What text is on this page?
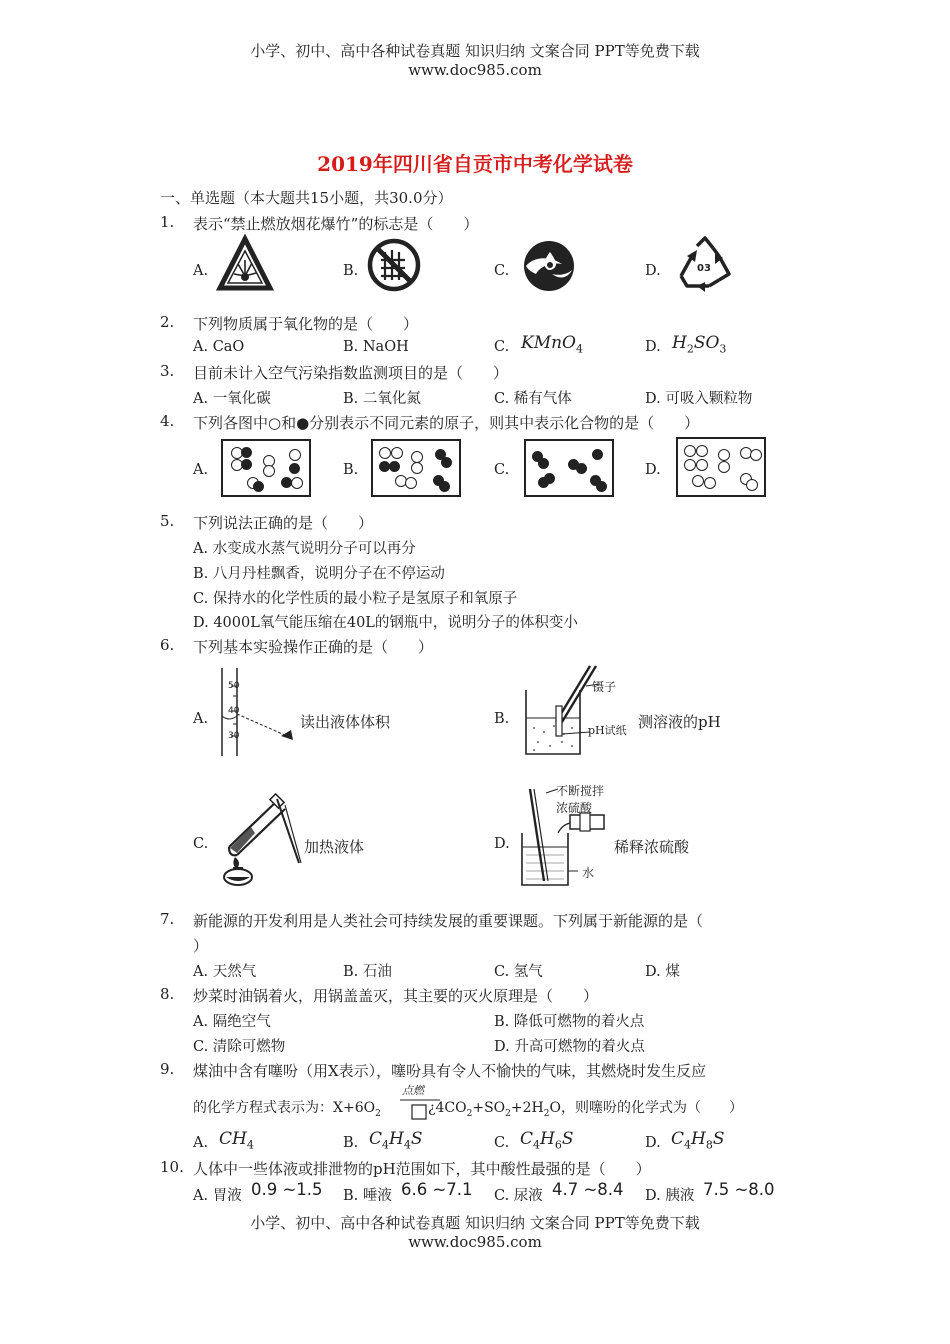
小学、初中、高中各种试卷真题 知识归纳 文案合同 PPT等免费下载
www.doc985.com
2019年四川省自贡市中考化学试卷
一、单选题（本大题共15小题，共30.0分）
1. 表示“禁止燃放烟花爆竹”的标志是（　　）
A.	B.	C.	D.	03
2. 下列物质属于氧化物的是（　　）
A. CaO	B. NaOH	C. KMnO$_4$	D. $H_2SO_3$
3. 目前未计入空气污染指数监测项目的是（　　）
A. 一氧化碳	B. 二氧化氮	C. 稀有气体	D. 可吸入颗粒物
4. 下列各图中○和●分别表示不同元素的原子，则其中表示化合物的是（　　）
A.	B.	C.	D.
5. 下列说法正确的是（　　）
A. 水变成水蒸气说明分子可以再分
B. 八月丹桂飘香，说明分子在不停运动
C. 保持水的化学性质的最小粒子是氢原子和氧原子
D. 4000L氧气能压缩在40L的钢瓶中，说明分子的体积变小
6. 下列基本实验操作正确的是（　　）
A.
50
40
30
读出液体体积	B.
镊子
pH试纸 测溶液的pH
C.	加热液体	D.
不断搅拌
浓硫酸
水
稀释浓硫酸
7. 新能源的开发利用是人类社会可持续发展的重要课题。下列属于新能源的是（
）
A. 天然气	B. 石油	C. 氢气	D. 煤
8. 炒菜时油锅着火，用锅盖盖灭，其主要的灭火原理是（　　）
A. 隔绝空气	B. 降低可燃物的着火点
C. 清除可燃物	D. 升高可燃物的着火点
9. 煤油中含有噻吩（用X表示），噻吩具有令人不愉快的气味，其燃烧时发生反应
的化学方程式表示为：$X+6O_2$
点燃
¿$4CO_2+SO_2+2H_2O$，则噻吩的化学式为（　　）
A. $CH_4$	B. $C_4H_4S$	C. $C_4H_6S$	D. $C_4H_8S$
10. 人体中一些体液或排泄物的pH范围如下，其中酸性最强的是（　　）
A. 胃液 0.9 ~1.5 B. 唾液 6.6 ~7.1 C. 尿液 4.7 ~8.4 D. 胰液 7.5 ~8.0
小学、初中、高中各种试卷真题 知识归纳 文案合同 PPT等免费下载
www.doc985.com
